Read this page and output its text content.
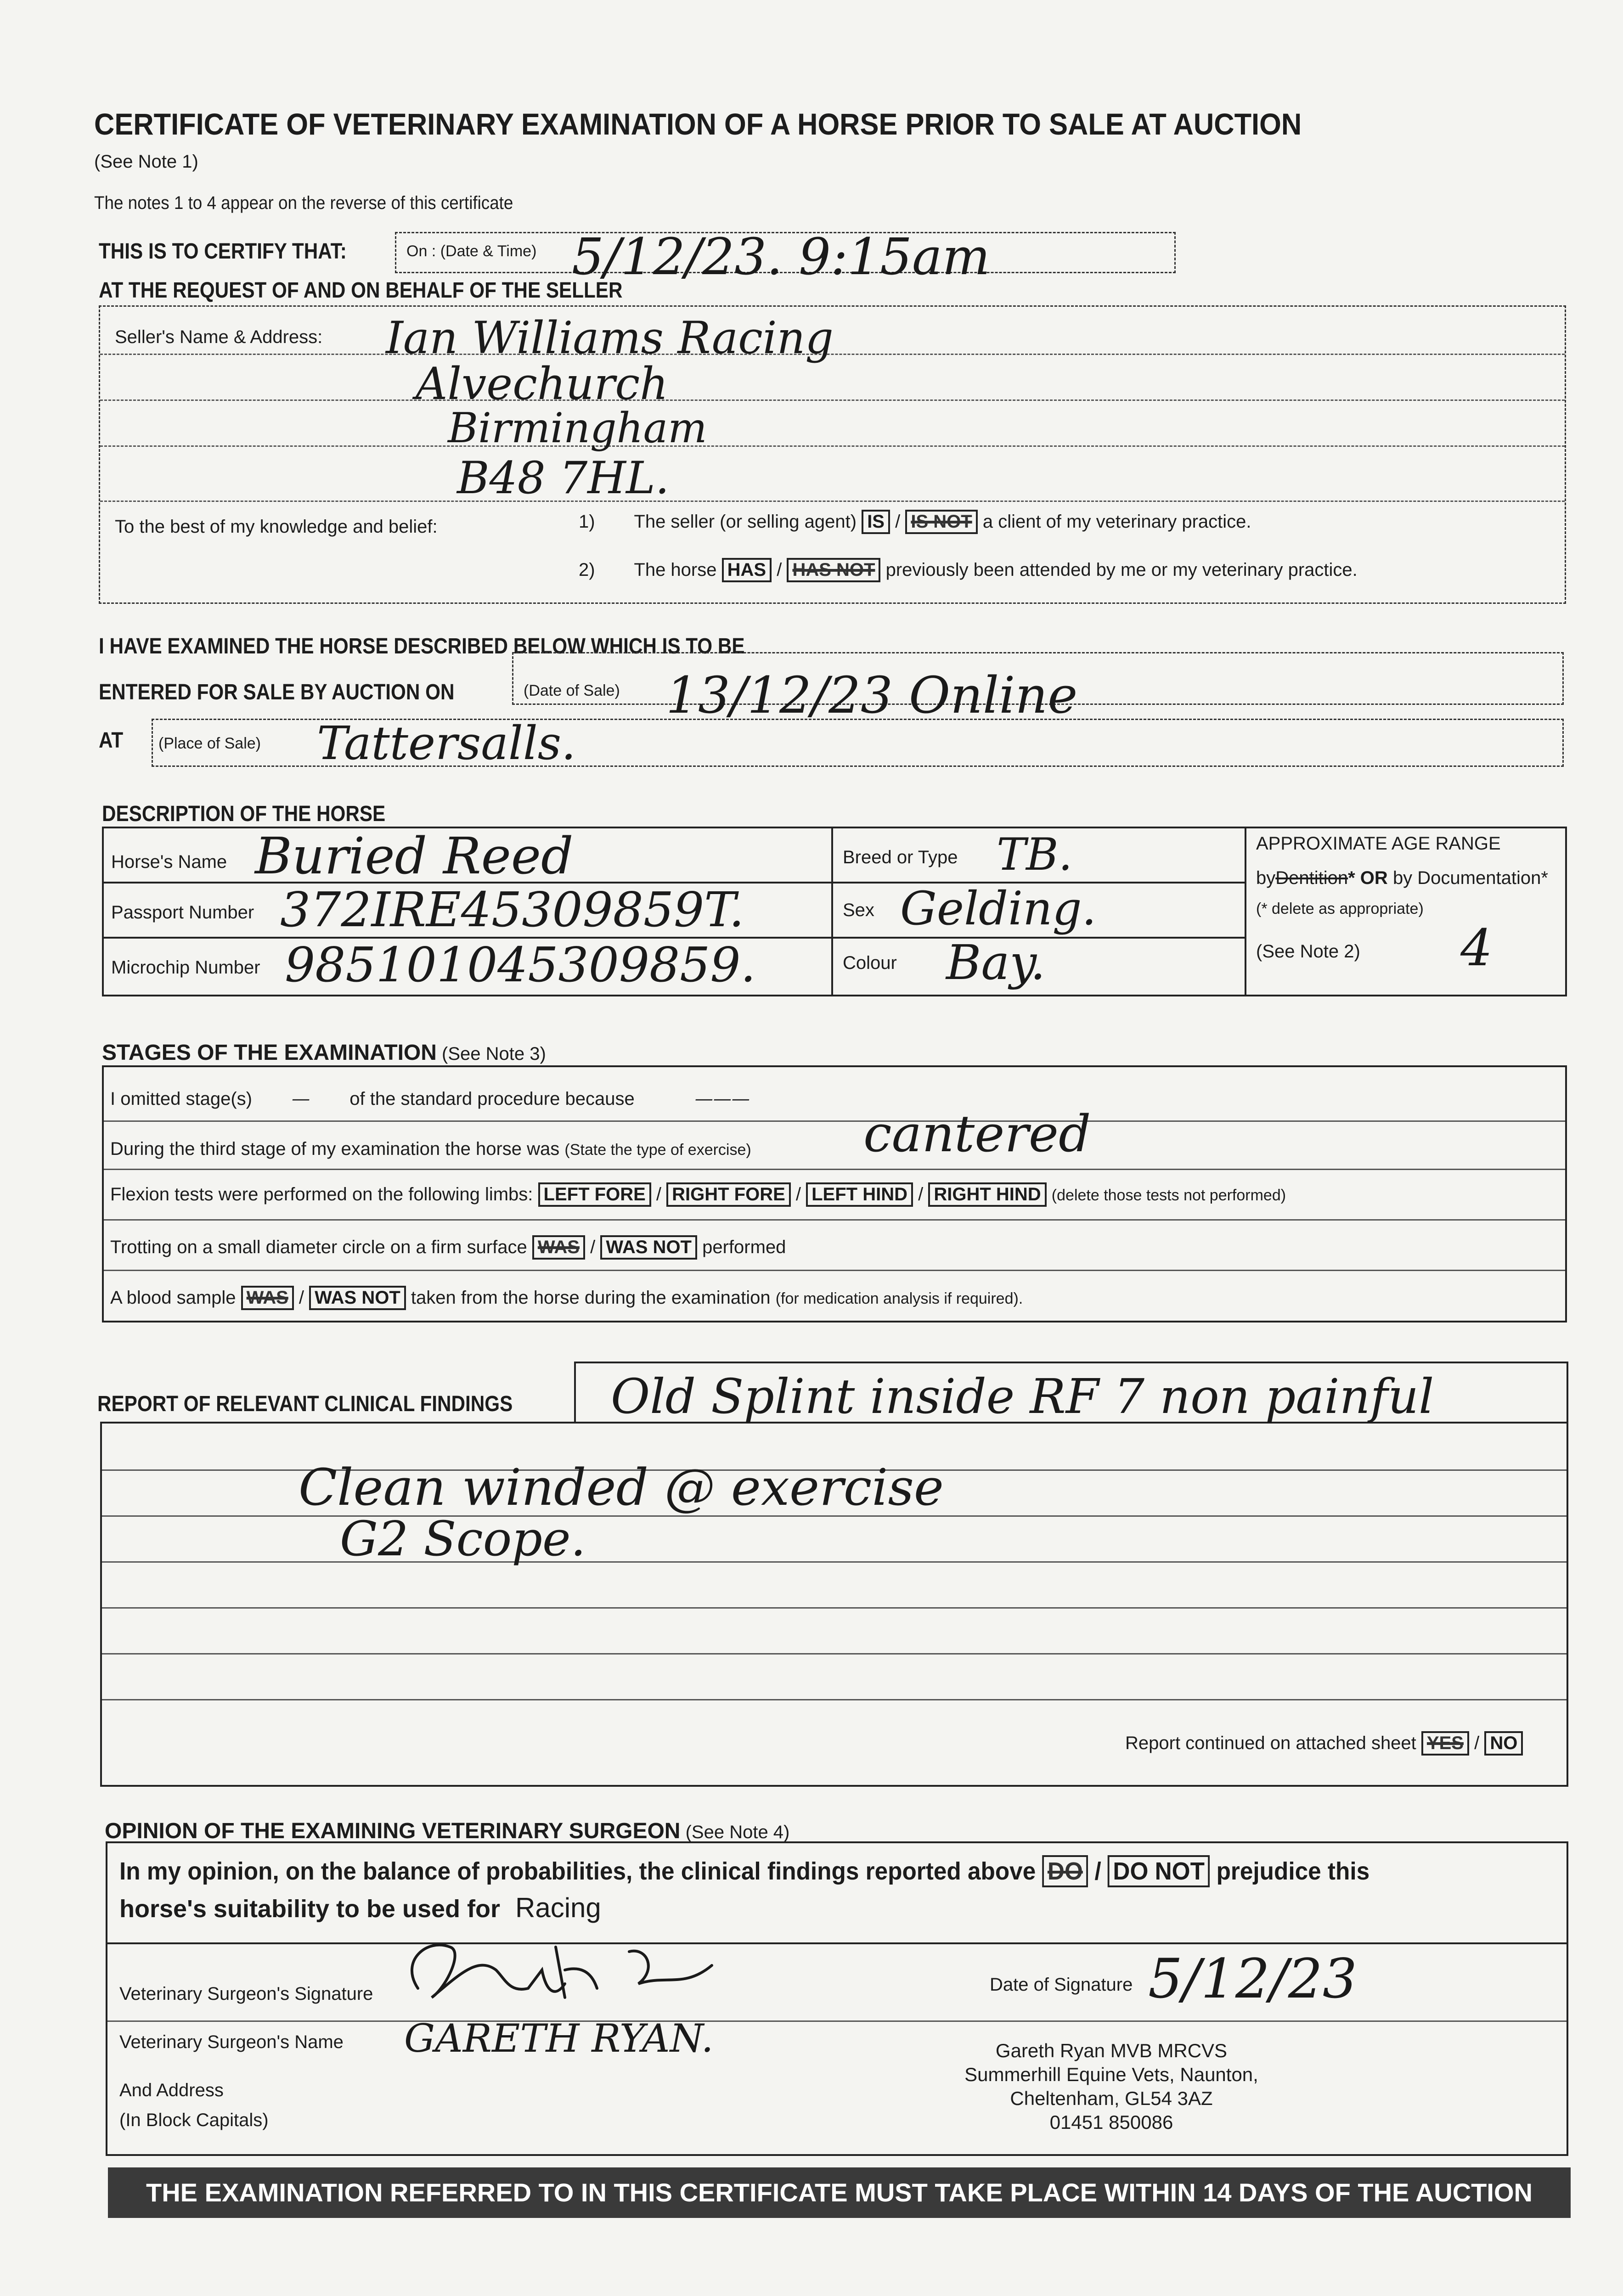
CERTIFICATE OF VETERINARY EXAMINATION OF A HORSE PRIOR TO SALE AT AUCTION
(See Note 1)
The notes 1 to 4 appear on the reverse of this certificate
THIS IS TO CERTIFY THAT:	On : (Date & Time) 5/12/23. 9:15am
AT THE REQUEST OF AND ON BEHALF OF THE SELLER
Seller's Name & Address: Ian Williams Racing
Alvechurch
Birmingham
B48 7HL.
To the best of my knowledge and belief:	1) The seller (or selling agent) IS / IS NOT a client of my veterinary practice.
2) The horse HAS / HAS NOT previously been attended by me or my veterinary practice.
I HAVE EXAMINED THE HORSE DESCRIBED BELOW WHICH IS TO BE
ENTERED FOR SALE BY AUCTION ON	(Date of Sale) 13/12/23 Online
AT (Place of Sale) Tattersalls.
DESCRIPTION OF THE HORSE
Horse's Name Buried Reed
Passport Number 372IRE45309859T.
Microchip Number 985101045309859.
Breed or Type TB.
Sex Gelding.
Colour Bay.
APPROXIMATE AGE RANGE
byDentition* OR by Documentation*
(* delete as appropriate)
(See Note 2) 4
STAGES OF THE EXAMINATION (See Note 3)
I omitted stage(s) — of the standard procedure because	———
During the third stage of my examination the horse was (State the type of exercise) cantered
Flexion tests were performed on the following limbs: LEFT FORE / RIGHT FORE / LEFT HIND / RIGHT HIND (delete those tests not performed)
Trotting on a small diameter circle on a firm surface WAS / WAS NOT performed
A blood sample WAS / WAS NOT taken from the horse during the examination (for medication analysis if required).
REPORT OF RELEVANT CLINICAL FINDINGS Old Splint inside RF 7 non painful
Clean winded @ exercise
G2 Scope.
Report continued on attached sheet YES / NO
OPINION OF THE EXAMINING VETERINARY SURGEON (See Note 4)
In my opinion, on the balance of probabilities, the clinical findings reported above DO / DO NOT prejudice this
horse's suitability to be used for Racing
Veterinary Surgeon's Signature	Date of Signature 5/12/23
Veterinary Surgeon's Name GARETH RYAN.
And Address
(In Block Capitals)
Gareth Ryan MVB MRCVS
Summerhill Equine Vets, Naunton,
Cheltenham, GL54 3AZ
01451 850086
THE EXAMINATION REFERRED TO IN THIS CERTIFICATE MUST TAKE PLACE WITHIN 14 DAYS OF THE AUCTION
